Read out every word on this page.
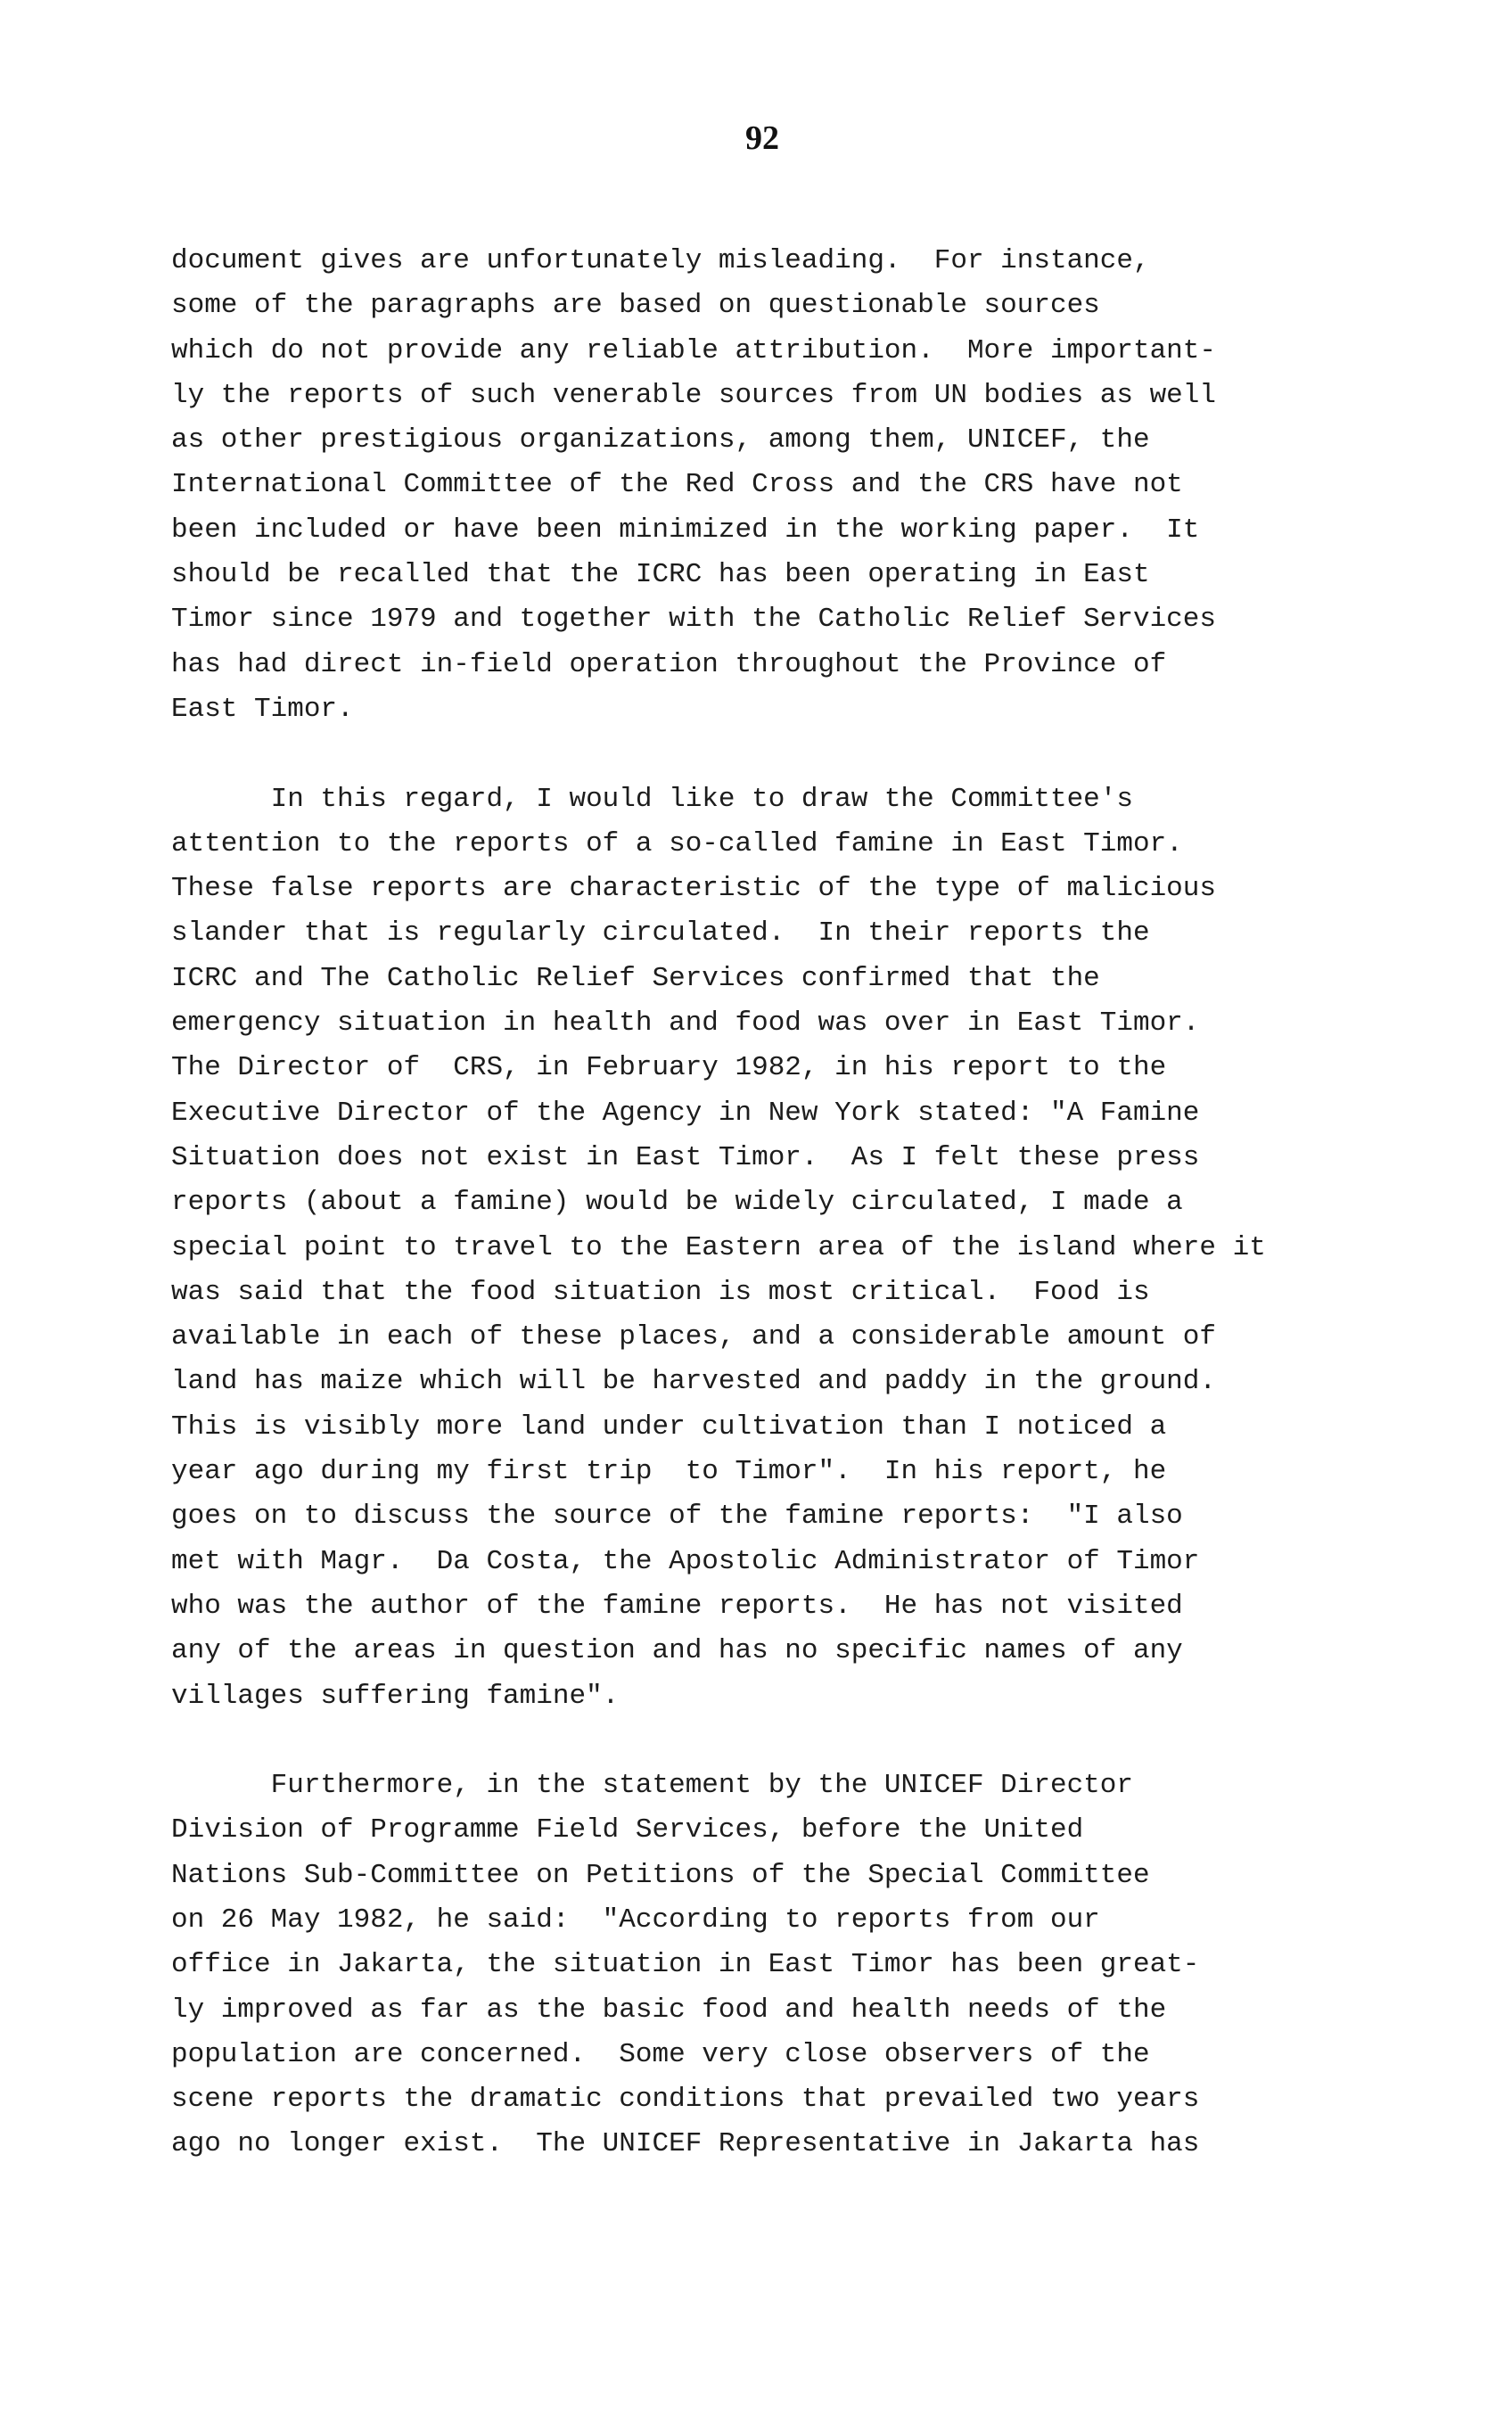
92
document gives are unfortunately misleading.  For instance,
some of the paragraphs are based on questionable sources
which do not provide any reliable attribution.  More important-
ly the reports of such venerable sources from UN bodies as well
as other prestigious organizations, among them, UNICEF, the
International Committee of the Red Cross and the CRS have not
been included or have been minimized in the working paper.  It
should be recalled that the ICRC has been operating in East
Timor since 1979 and together with the Catholic Relief Services
has had direct in-field operation throughout the Province of
East Timor.
In this regard, I would like to draw the Committee's
attention to the reports of a so-called famine in East Timor.
These false reports are characteristic of the type of malicious
slander that is regularly circulated.  In their reports the
ICRC and The Catholic Relief Services confirmed that the
emergency situation in health and food was over in East Timor.
The Director of  CRS, in February 1982, in his report to the
Executive Director of the Agency in New York stated: "A Famine
Situation does not exist in East Timor.  As I felt these press
reports (about a famine) would be widely circulated, I made a
special point to travel to the Eastern area of the island where it
was said that the food situation is most critical.  Food is
available in each of these places, and a considerable amount of
land has maize which will be harvested and paddy in the ground.
This is visibly more land under cultivation than I noticed a
year ago during my first trip  to Timor".  In his report, he
goes on to discuss the source of the famine reports:  "I also
met with Magr.  Da Costa, the Apostolic Administrator of Timor
who was the author of the famine reports.  He has not visited
any of the areas in question and has no specific names of any
villages suffering famine".
Furthermore, in the statement by the UNICEF Director
Division of Programme Field Services, before the United
Nations Sub-Committee on Petitions of the Special Committee
on 26 May 1982, he said:  "According to reports from our
office in Jakarta, the situation in East Timor has been great-
ly improved as far as the basic food and health needs of the
population are concerned.  Some very close observers of the
scene reports the dramatic conditions that prevailed two years
ago no longer exist.  The UNICEF Representative in Jakarta has
